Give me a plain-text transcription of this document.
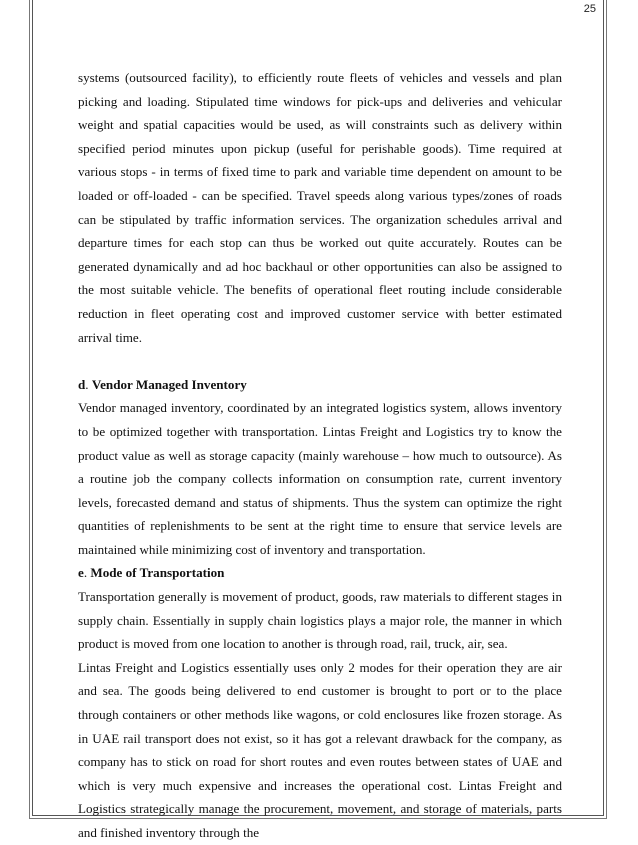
25

systems (outsourced facility), to efficiently route fleets of vehicles and vessels and plan picking and loading. Stipulated time windows for pick-ups and deliveries and vehicular weight and spatial capacities would be used, as will constraints such as delivery within specified period minutes upon pickup (useful for perishable goods). Time required at various stops - in terms of fixed time to park and variable time dependent on amount to be loaded or off-loaded - can be specified. Travel speeds along various types/zones of roads can be stipulated by traffic information services. The organization schedules arrival and departure times for each stop can thus be worked out quite accurately. Routes can be generated dynamically and ad hoc backhaul or other opportunities can also be assigned to the most suitable vehicle. The benefits of operational fleet routing include considerable reduction in fleet operating cost and improved customer service with better estimated arrival time.

d. Vendor Managed Inventory

Vendor managed inventory, coordinated by an integrated logistics system, allows inventory to be optimized together with transportation. Lintas Freight and Logistics try to know the product value as well as storage capacity (mainly warehouse – how much to outsource). As a routine job the company collects information on consumption rate, current inventory levels, forecasted demand and status of shipments. Thus the system can optimize the right quantities of replenishments to be sent at the right time to ensure that service levels are maintained while minimizing cost of inventory and transportation.

e. Mode of Transportation

Transportation generally is movement of product, goods, raw materials to different stages in supply chain. Essentially in supply chain logistics plays a major role, the manner in which product is moved from one location to another is through road, rail, truck, air, sea.

Lintas Freight and Logistics essentially uses only 2 modes for their operation they are air and sea. The goods being delivered to end customer is brought to port or to the place through containers or other methods like wagons, or cold enclosures like frozen storage. As in UAE rail transport does not exist, so it has got a relevant drawback for the company, as company has to stick on road for short routes and even routes between states of UAE and which is very much expensive and increases the operational cost. Lintas Freight and Logistics strategically manage the procurement, movement, and storage of materials, parts and finished inventory through the
